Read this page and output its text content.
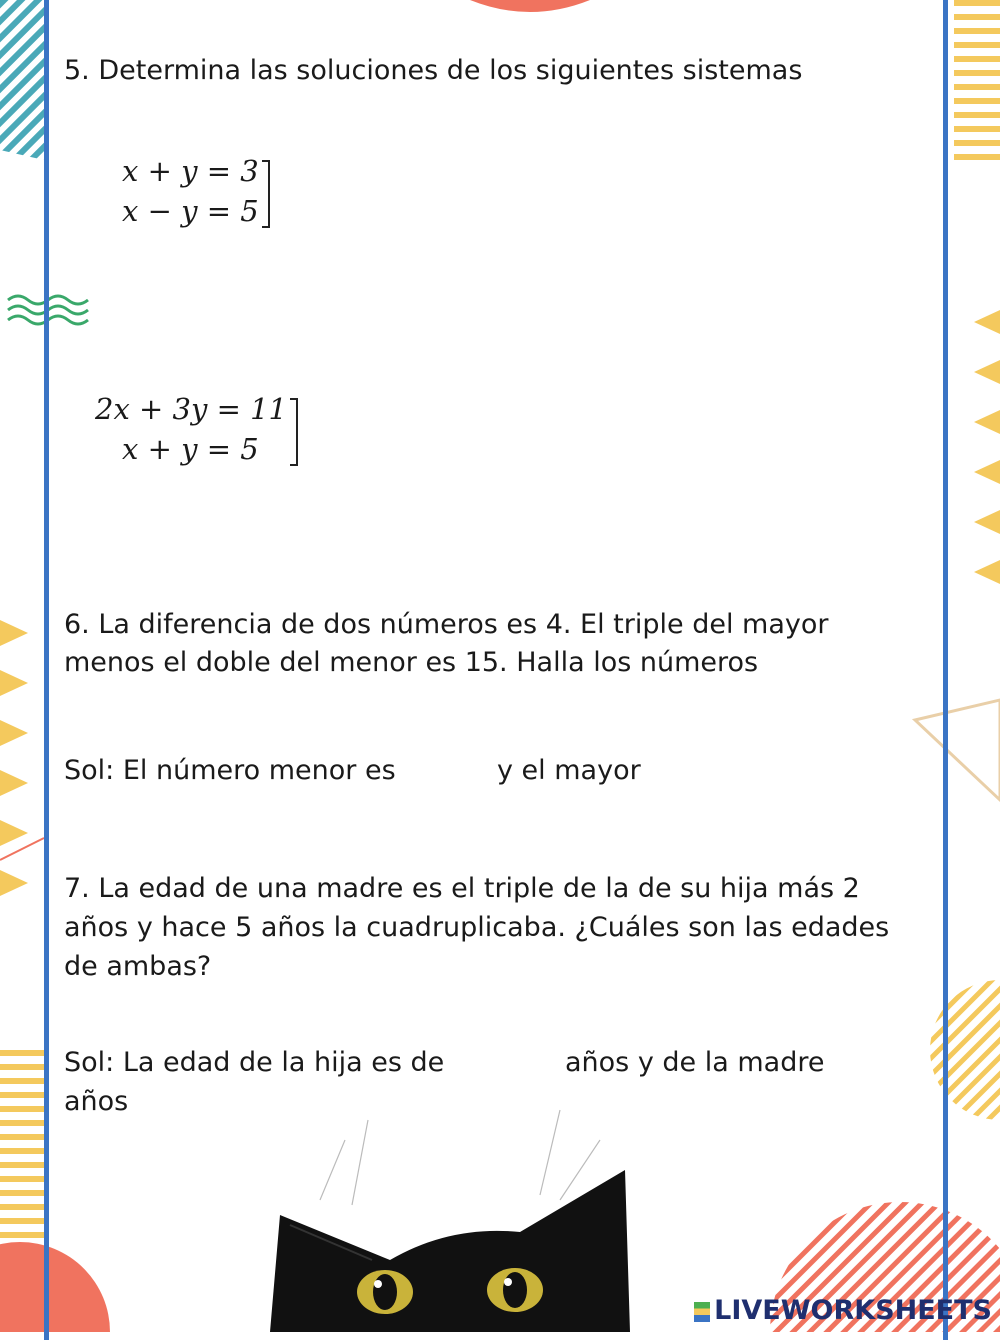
5. Determina las soluciones de los siguientes sistemas
x + y = 3
x − y = 5
2x + 3y = 11
x + y = 5
6. La diferencia de dos números es 4. El triple del mayor
menos el doble del menor es 15. Halla los números
Sol: El número menor es	y el mayor
7. La edad de una madre es el triple de la de su hija más 2
años y hace 5 años la cuadruplicaba. ¿Cuáles son las edades
de ambas?
Sol: La edad de la hija es de	años y de la madre
años
LIVEWORKSHEETS
